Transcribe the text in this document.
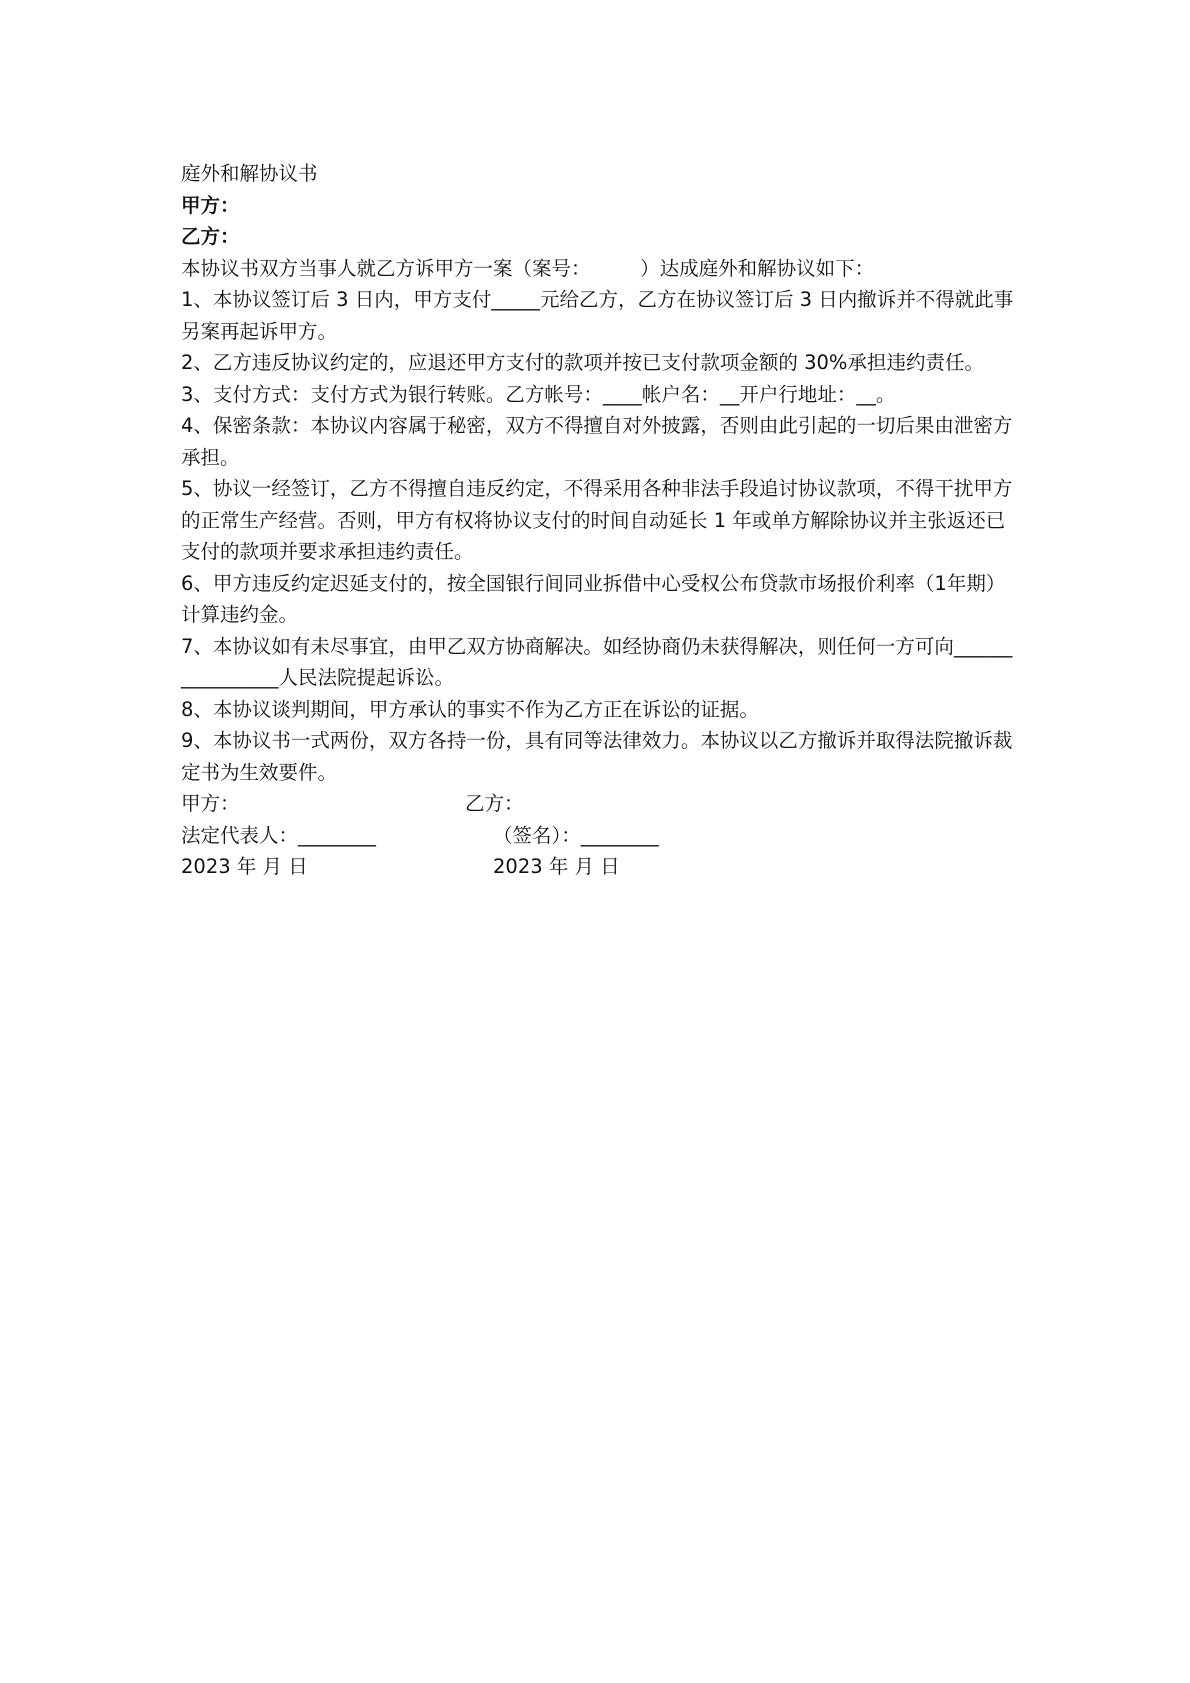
庭外和解协议书

甲方：

乙方：

本协议书双方当事人就乙方诉甲方一案（案号：        ）达成庭外和解协议如下：

1、本协议签订后 3 日内，甲方支付_____元给乙方，乙方在协议签订后 3 日内撤诉并不得就此事另案再起诉甲方。

2、乙方违反协议约定的，应退还甲方支付的款项并按已支付款项金额的 30%承担违约责任。

3、支付方式：支付方式为银行转账。乙方帐号：____帐户名：__开户行地址：__。

4、保密条款：本协议内容属于秘密，双方不得擅自对外披露，否则由此引起的一切后果由泄密方承担。

5、协议一经签订，乙方不得擅自违反约定，不得采用各种非法手段追讨协议款项，不得干扰甲方的正常生产经营。否则，甲方有权将协议支付的时间自动延长 1 年或单方解除协议并主张返还已支付的款项并要求承担违约责任。

6、甲方违反约定迟延支付的，按全国银行间同业拆借中心受权公布贷款市场报价利率（1年期）计算违约金。

7、本协议如有未尽事宜，由甲乙双方协商解决。如经协商仍未获得解决，则任何一方可向________________人民法院提起诉讼。

8、本协议谈判期间，甲方承认的事实不作为乙方正在诉讼的证据。

9、本协议书一式两份，双方各持一份，具有同等法律效力。本协议以乙方撤诉并取得法院撤诉裁定书为生效要件。

甲方：	乙方：
法定代表人：________	（签名）：________
2023 年 月 日	2023 年 月 日
